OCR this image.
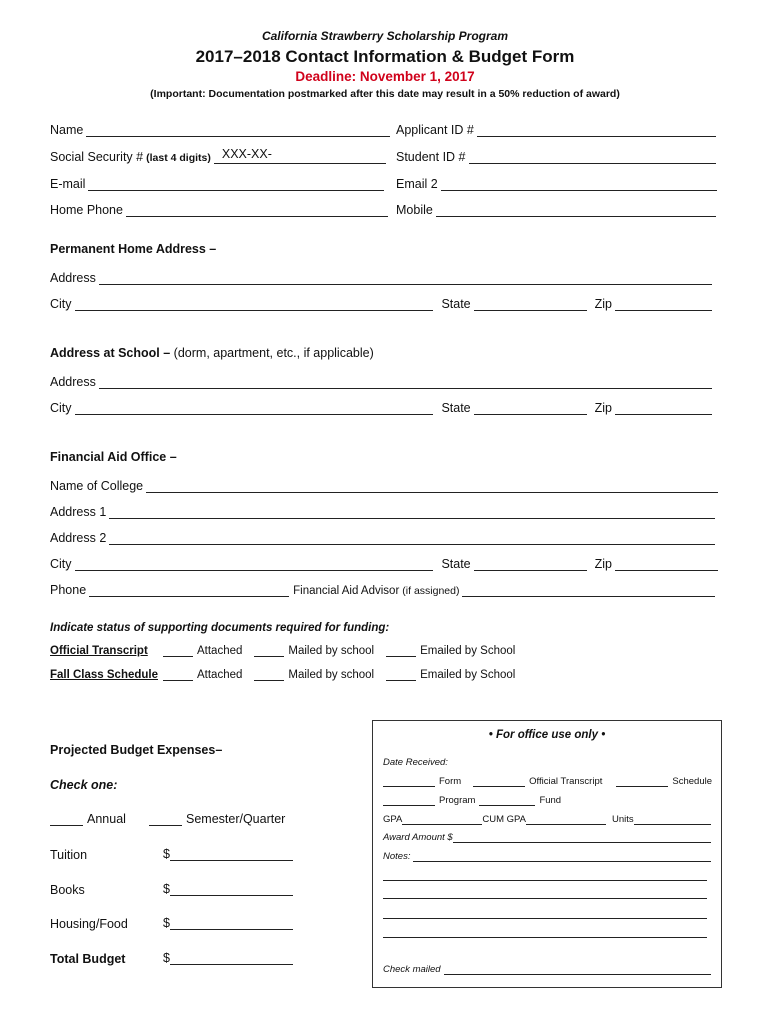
California Strawberry Scholarship Program
2017–2018 Contact Information & Budget Form
Deadline: November 1, 2017
(Important: Documentation postmarked after this date may result in a 50% reduction of award)
Name	Applicant ID #
Social Security # (last 4 digits) XXX-XX-	Student ID #
E-mail	Email 2
Home Phone	Mobile
Permanent Home Address –
Address
City	State	Zip
Address at School – (dorm, apartment, etc., if applicable)
Address
City	State	Zip
Financial Aid Office –
Name of College
Address 1
Address 2
City	State	Zip
Phone	Financial Aid Advisor (if assigned)
Indicate status of supporting documents required for funding:
Official Transcript	Attached	Mailed by school	Emailed by School
Fall Class Schedule	Attached	Mailed by school	Emailed by School
Projected Budget Expenses–
Check one:
Annual	Semester/Quarter
Tuition	$
Books	$
Housing/Food	$
Total Budget	$
• For office use only •
Date Received:
Form	Official Transcript	Schedule
Program	Fund
GPA	CUM GPA	Units
Award Amount $
Notes:
Check mailed
